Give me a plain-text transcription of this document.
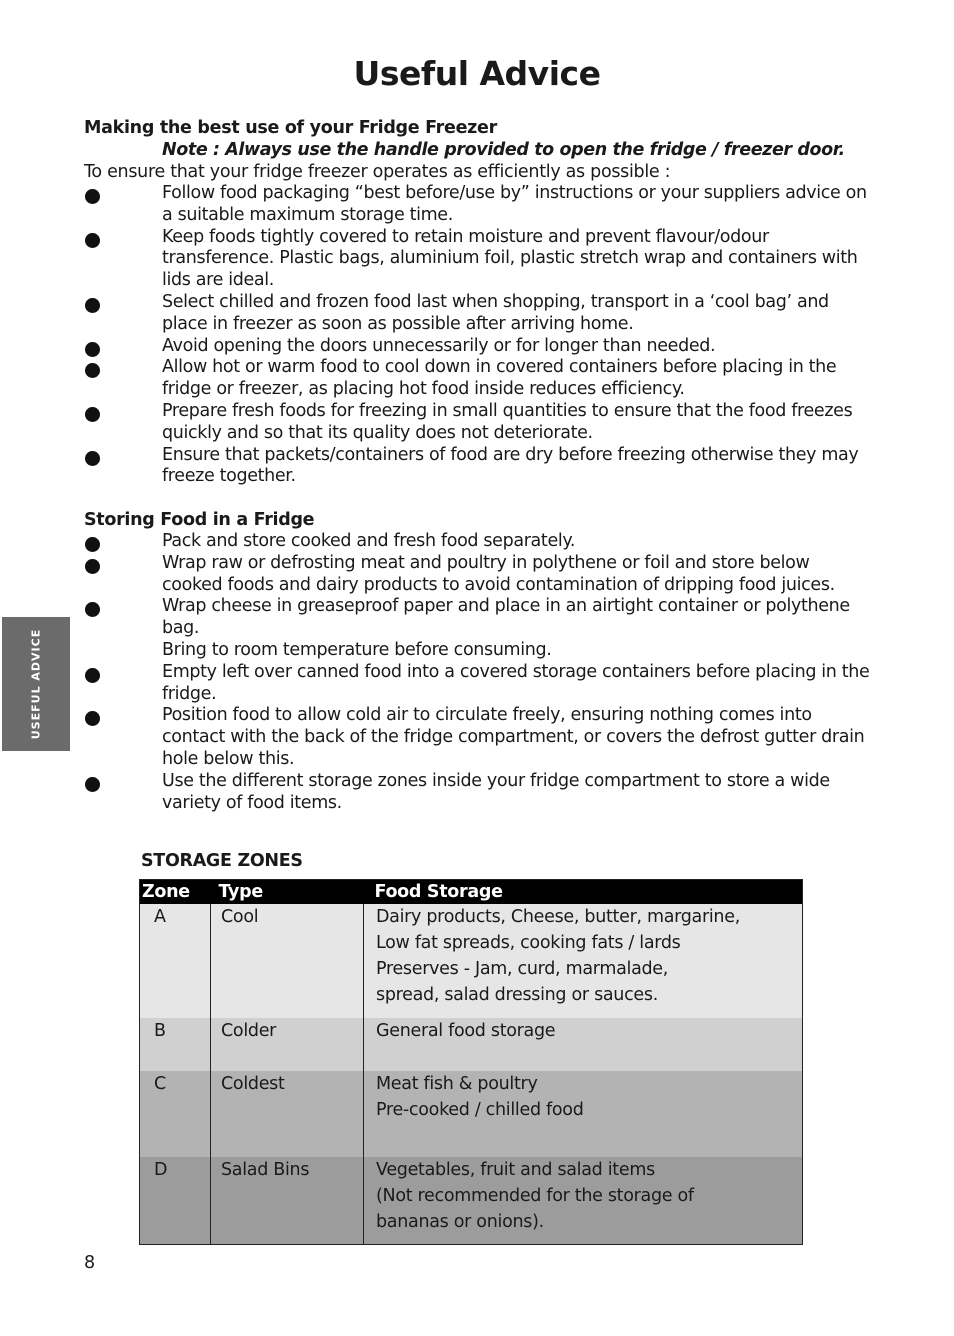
Useful Advice
Making the best use of your Fridge Freezer
Note : Always use the handle provided to open the fridge / freezer door.
To ensure that your fridge freezer operates as efficiently as possible :
Follow food packaging “best before/use by” instructions or your suppliers advice on a suitable maximum storage time.
Keep foods tightly covered to retain moisture and prevent flavour/odour transference. Plastic bags, aluminium foil, plastic stretch wrap and containers with lids are ideal.
Select chilled and frozen food last when shopping, transport in a ‘cool bag’ and place in freezer as soon as possible after arriving home.
Avoid opening the doors unnecessarily or for longer than needed.
Allow hot or warm food to cool down in covered containers before placing in the fridge or freezer, as placing hot food inside reduces efficiency.
Prepare fresh foods for freezing in small quantities to ensure that the food freezes quickly and so that its quality does not deteriorate.
Ensure that packets/containers of food are dry before freezing otherwise they may freeze together.
Storing Food in a Fridge
Pack and store cooked and fresh food separately.
Wrap raw or defrosting meat and poultry in polythene or foil and store below cooked foods and dairy products to avoid contamination of dripping food juices.
Wrap cheese in greaseproof paper and place in an airtight container or polythene bag.
Bring to room temperature before consuming.
Empty left over canned food into a covered storage containers before placing in the fridge.
Position food to allow cold air to circulate freely, ensuring nothing comes into contact with the back of the fridge compartment, or covers the defrost gutter drain hole below this.
Use the different storage zones inside your fridge compartment to store a wide variety of food items.
STORAGE ZONES
Zone	Type	Food Storage
A	Cool	Dairy products, Cheese, butter, margarine,
Low fat spreads, cooking fats / lards
Preserves - Jam, curd, marmalade,
spread, salad dressing or sauces.

B	Colder	General food storage

C	Coldest	Meat fish & poultry
Pre-cooked / chilled food

D	Salad Bins	Vegetables, fruit and salad items
(Not recommended for the storage of
bananas or onions).
USEFUL ADVICE
8
